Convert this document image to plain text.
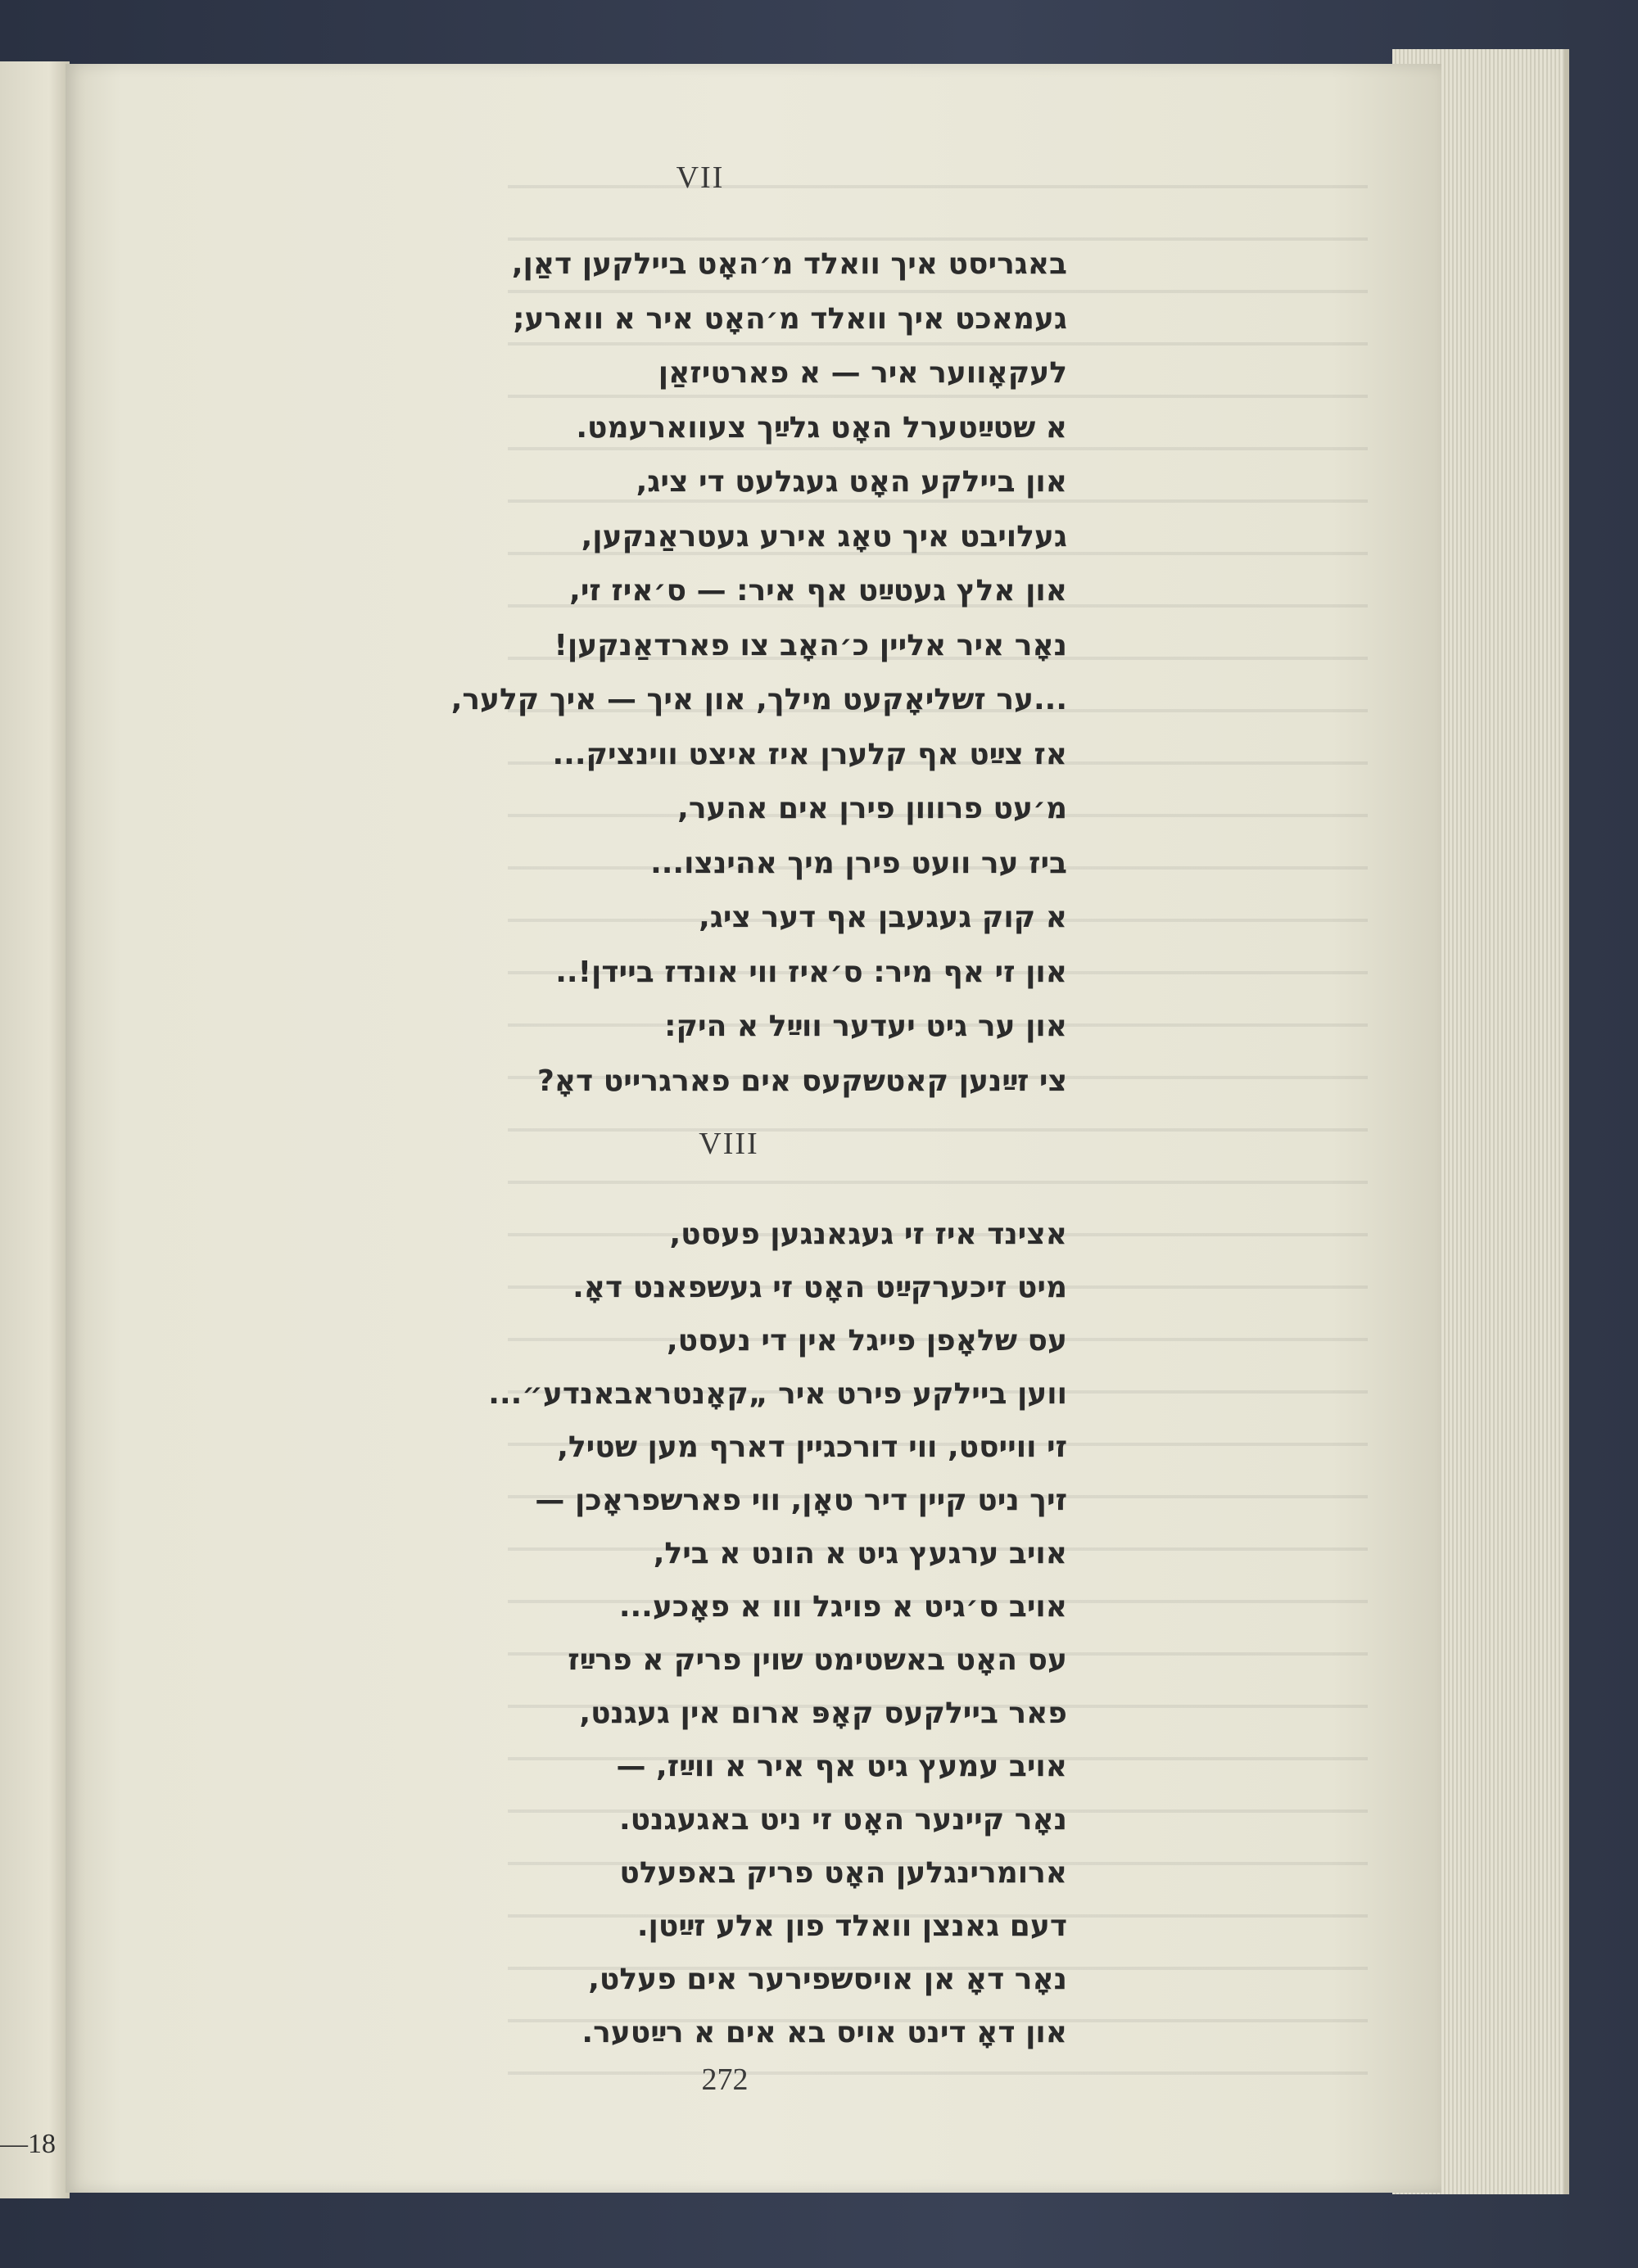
—18
VII
באגריסט איך וואלד מ׳האָט ביילקען דאַן,
געמאכט איך וואלד מ׳האָט איר א ווארע;
לעקאָווער איר — א פארטיזאַן
א שטײַטערל האָט גלײַך צעווארעמט.
און ביילקע האָט געגלעט די ציג,
געלויבט איך טאָג אירע געטראַנקען,
און אלץ געטײַט אף איר: — ס׳איז זי,
נאָר איר אליין כ׳האָב צו פארדאַנקען!
...ער זשליאָקעט מילך, און איך — איך קלער,
אז צײַט אף קלערן איז איצט ווינציק...
מ׳עט פרווון פירן אים אהער,
ביז ער וועט פירן מיך אהינצו...
א קוק געגעבן אף דער ציג,
און זי אף מיר: ס׳איז ווי אונדז ביידן!..
און ער גיט יעדער ווײַל א היק:
צי זײַנען קאטשקעס אים פארגרייט דאָ?
VIII
אצינד איז זי געגאנגען פעסט,
מיט זיכערקײַט האָט זי געשפאנט דאָ.
עס שלאָפן פייגל אין די נעסט,
ווען ביילקע פירט איר „קאָנטראבאנדע״...
זי ווייסט, ווי דורכגיין דארף מען שטיל,
זיך ניט קיין דיר טאָן, ווי פארשפראָכן —
אויב ערגעץ גיט א הונט א ביל,
אויב ס׳גיט א פויגל ווו א פאָכע...
עס האָט באשטימט שוין פריק א פרײַז
פאר ביילקעס קאָפּ ארום אין געגנט,
אויב עמעץ גיט אף איר א ווײַז, —
נאָר קיינער האָט זי ניט באגעגנט.
ארומרינגלען האָט פריק באפעלט
דעם גאנצן וואלד פון אלע זײַטן.
נאָר דאָ אן אויסשפירער אים פעלט,
און דאָ דינט אויס בא אים א רײַטער.
272
